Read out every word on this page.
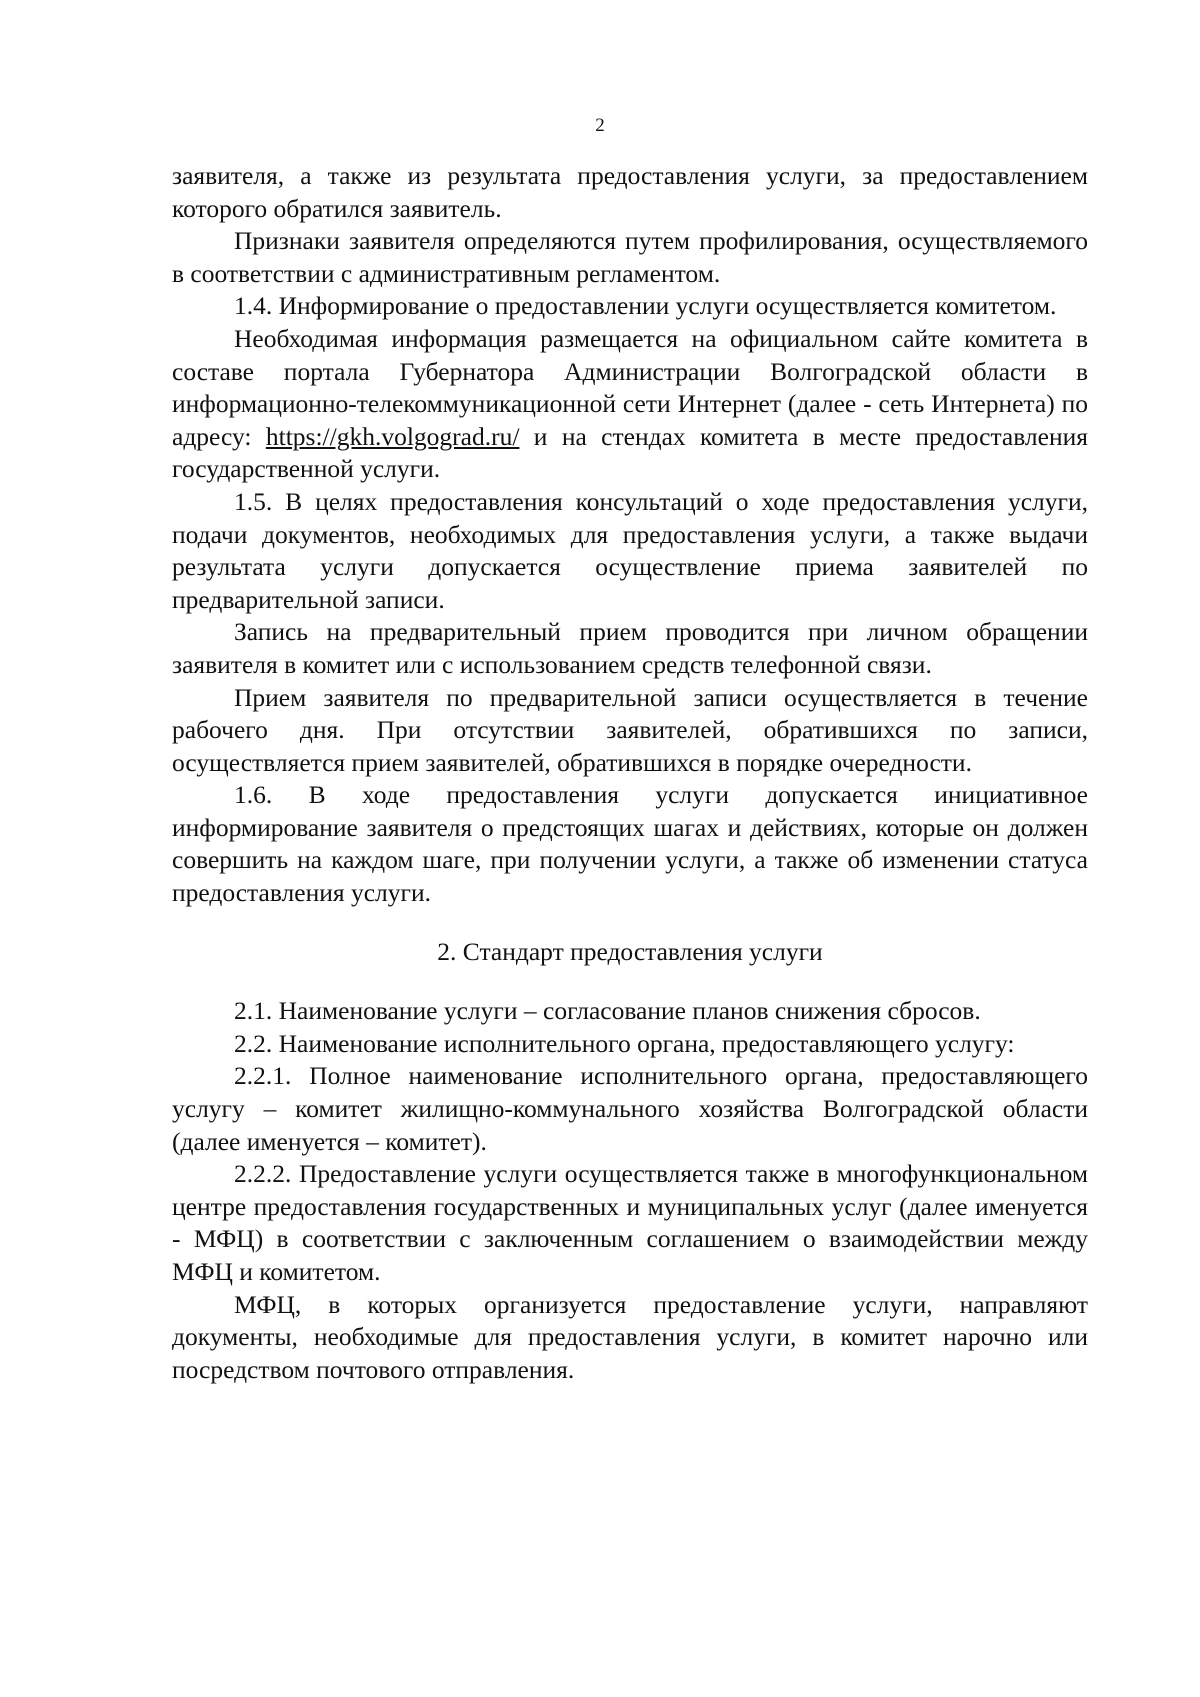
2

заявителя, а также из результата предоставления услуги, за предоставлением которого обратился заявитель.

Признаки заявителя определяются путем профилирования, осуществляемого в соответствии с административным регламентом.

1.4. Информирование о предоставлении услуги осуществляется комитетом.

Необходимая информация размещается на официальном сайте комитета в составе портала Губернатора Администрации Волгоградской области в информационно-телекоммуникационной сети Интернет (далее - сеть Интернета) по адресу: https://gkh.volgograd.ru/ и на стендах комитета в месте предоставления государственной услуги.

1.5. В целях предоставления консультаций о ходе предоставления услуги, подачи документов, необходимых для предоставления услуги, а также выдачи результата услуги допускается осуществление приема заявителей по предварительной записи.

Запись на предварительный прием проводится при личном обращении заявителя в комитет или с использованием средств телефонной связи.

Прием заявителя по предварительной записи осуществляется в течение рабочего дня. При отсутствии заявителей, обратившихся по записи, осуществляется прием заявителей, обратившихся в порядке очередности.

1.6. В ходе предоставления услуги допускается инициативное информирование заявителя о предстоящих шагах и действиях, которые он должен совершить на каждом шаге, при получении услуги, а также об изменении статуса предоставления услуги.

2. Стандарт предоставления услуги

2.1. Наименование услуги – согласование планов снижения сбросов.

2.2. Наименование исполнительного органа, предоставляющего услугу:

2.2.1. Полное наименование исполнительного органа, предоставляющего услугу – комитет жилищно-коммунального хозяйства Волгоградской области (далее именуется – комитет).

2.2.2. Предоставление услуги осуществляется также в многофункциональном центре предоставления государственных и муниципальных услуг (далее именуется - МФЦ) в соответствии с заключенным соглашением о взаимодействии между МФЦ и комитетом.

МФЦ, в которых организуется предоставление услуги, направляют документы, необходимые для предоставления услуги, в комитет нарочно или посредством почтового отправления.
